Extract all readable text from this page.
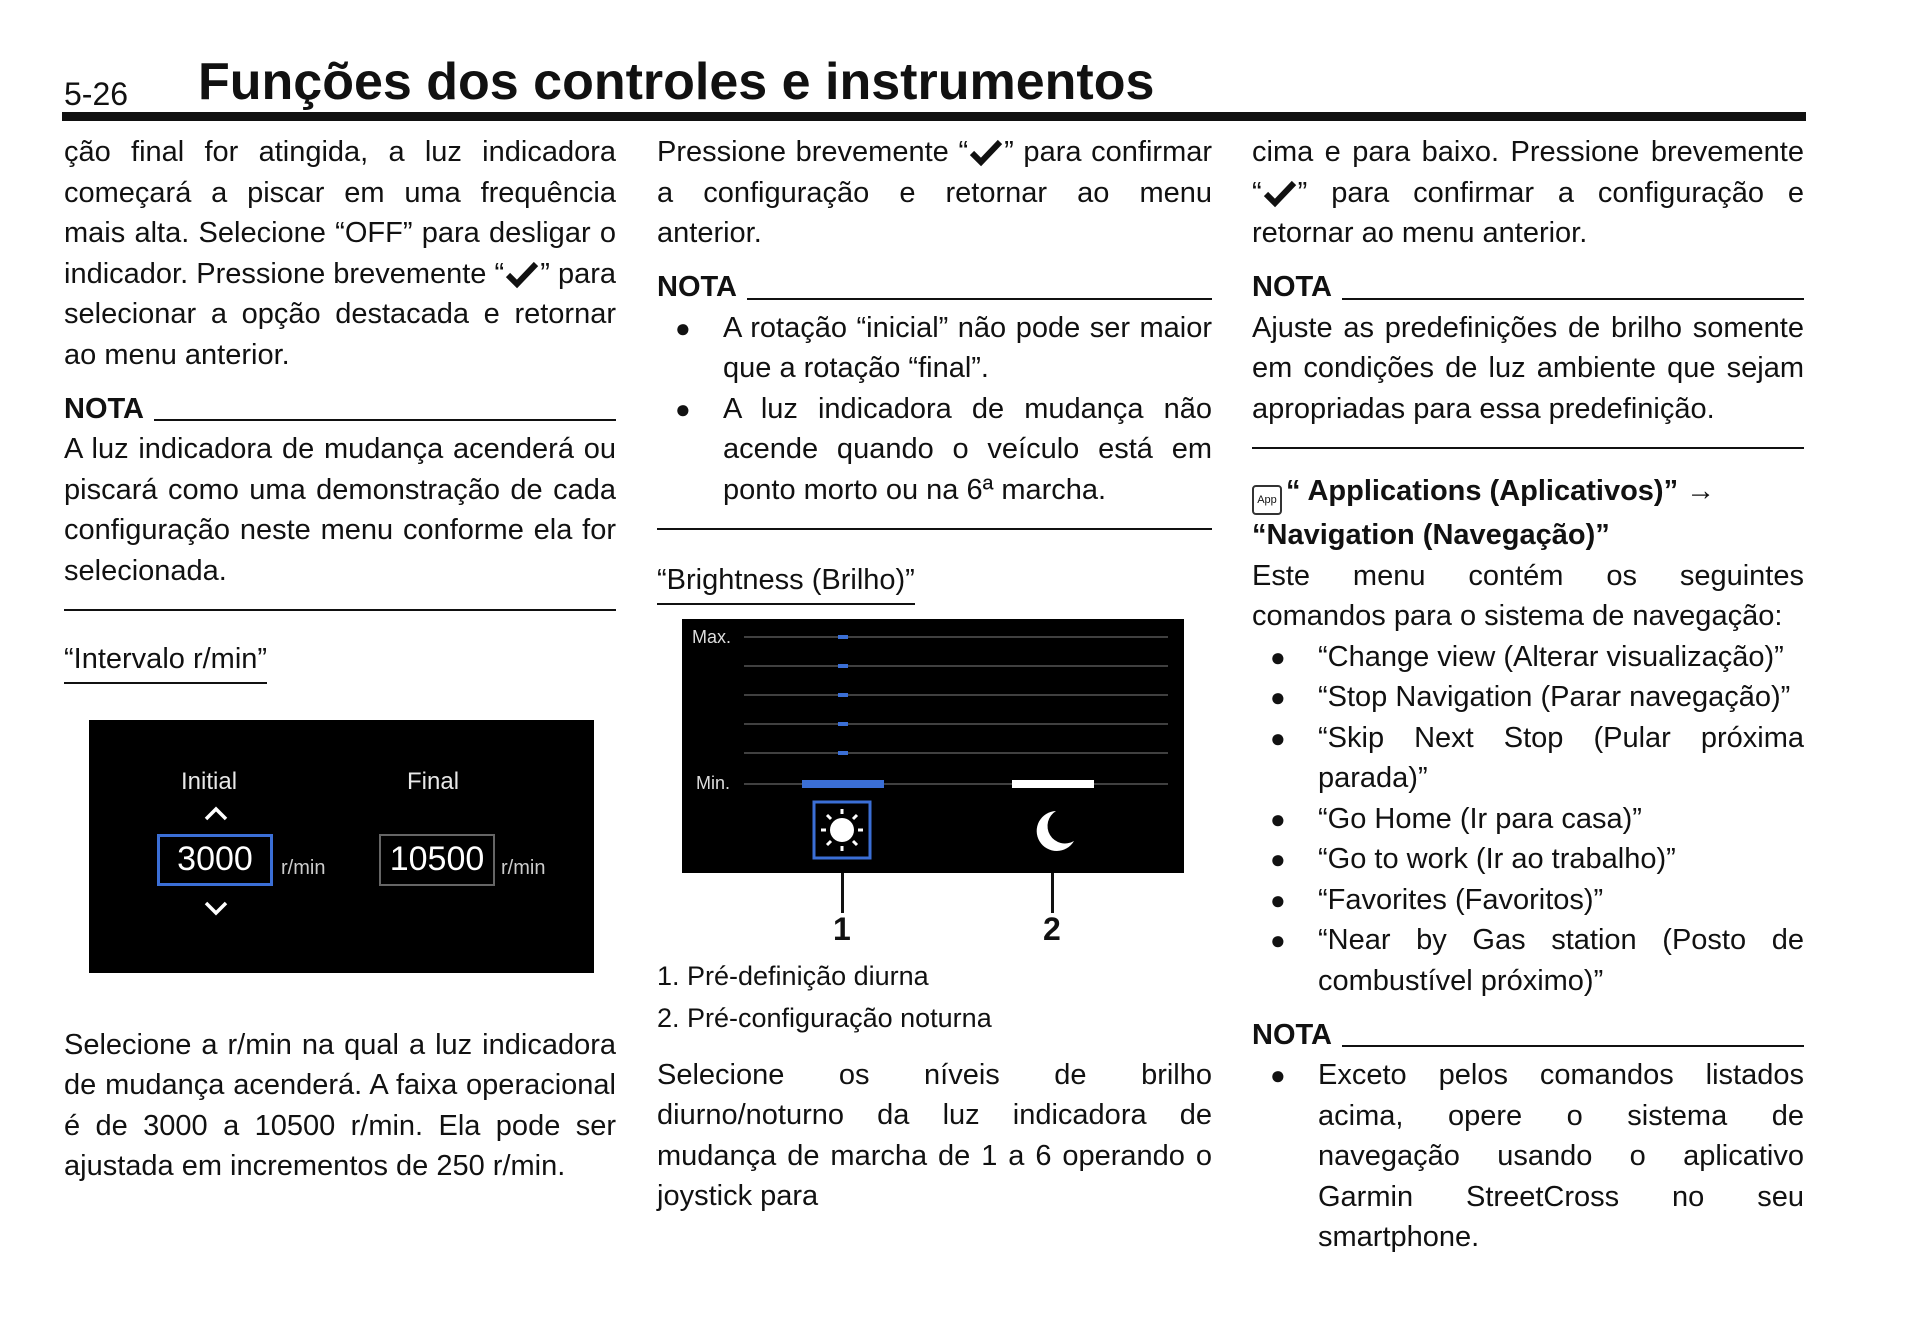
5-26 Funções dos controles e instrumentos

ção final for atingida, a luz indicadora começará a piscar em uma frequência mais alta. Selecione “OFF” para desligar o indicador. Pressione brevemente “ ” para selecionar a opção destacada e retornar ao menu anterior.

NOTA

A luz indicadora de mudança acenderá ou piscará como uma demonstração de cada configuração neste menu conforme ela for selecionada.

“Intervalo r/min”
Initial	Final
3000	r/min	10500 r/min

Selecione a r/min na qual a luz indicadora de mudança acenderá. A faixa operacional é de 3000 a 10500 r/min. Ela pode ser ajustada em incrementos de 250 r/min.

Pressione brevemente “ ” para confirmar a configuração e retornar ao menu anterior.

NOTA
● A rotação “inicial” não pode ser maior que a rotação “final”.
● A luz indicadora de mudança não acende quando o veículo está em ponto morto ou na 6ª marcha.
“Brightness (Brilho)”
Max.
Min.
1	2
1. Pré-definição diurna
2. Pré-configuração noturna

Selecione os níveis de brilho diurno/noturno da luz indicadora de mudança de marcha de 1 a 6 operando o joystick para

cima e para baixo. Pressione brevemente “ ” para confirmar a configuração e retornar ao menu anterior.

NOTA

Ajuste as predefinições de brilho somente em condições de luz ambiente que sejam apropriadas para essa predefinição.

App “ Applications (Aplicativos)” → “Navigation (Navegação)”

Este menu contém os seguintes comandos para o sistema de navegação:

● “Change view (Alterar visualização)”
● “Stop Navigation (Parar navegação)”
● “Skip Next Stop (Pular próxima parada)”
● “Go Home (Ir para casa)”
● “Go to work (Ir ao trabalho)”
● “Favorites (Favoritos)”
● “Near by Gas station (Posto de combustível próximo)”
NOTA
● Exceto pelos comandos listados acima, opere o sistema de navegação usando o aplicativo Garmin StreetCross no seu smartphone.
